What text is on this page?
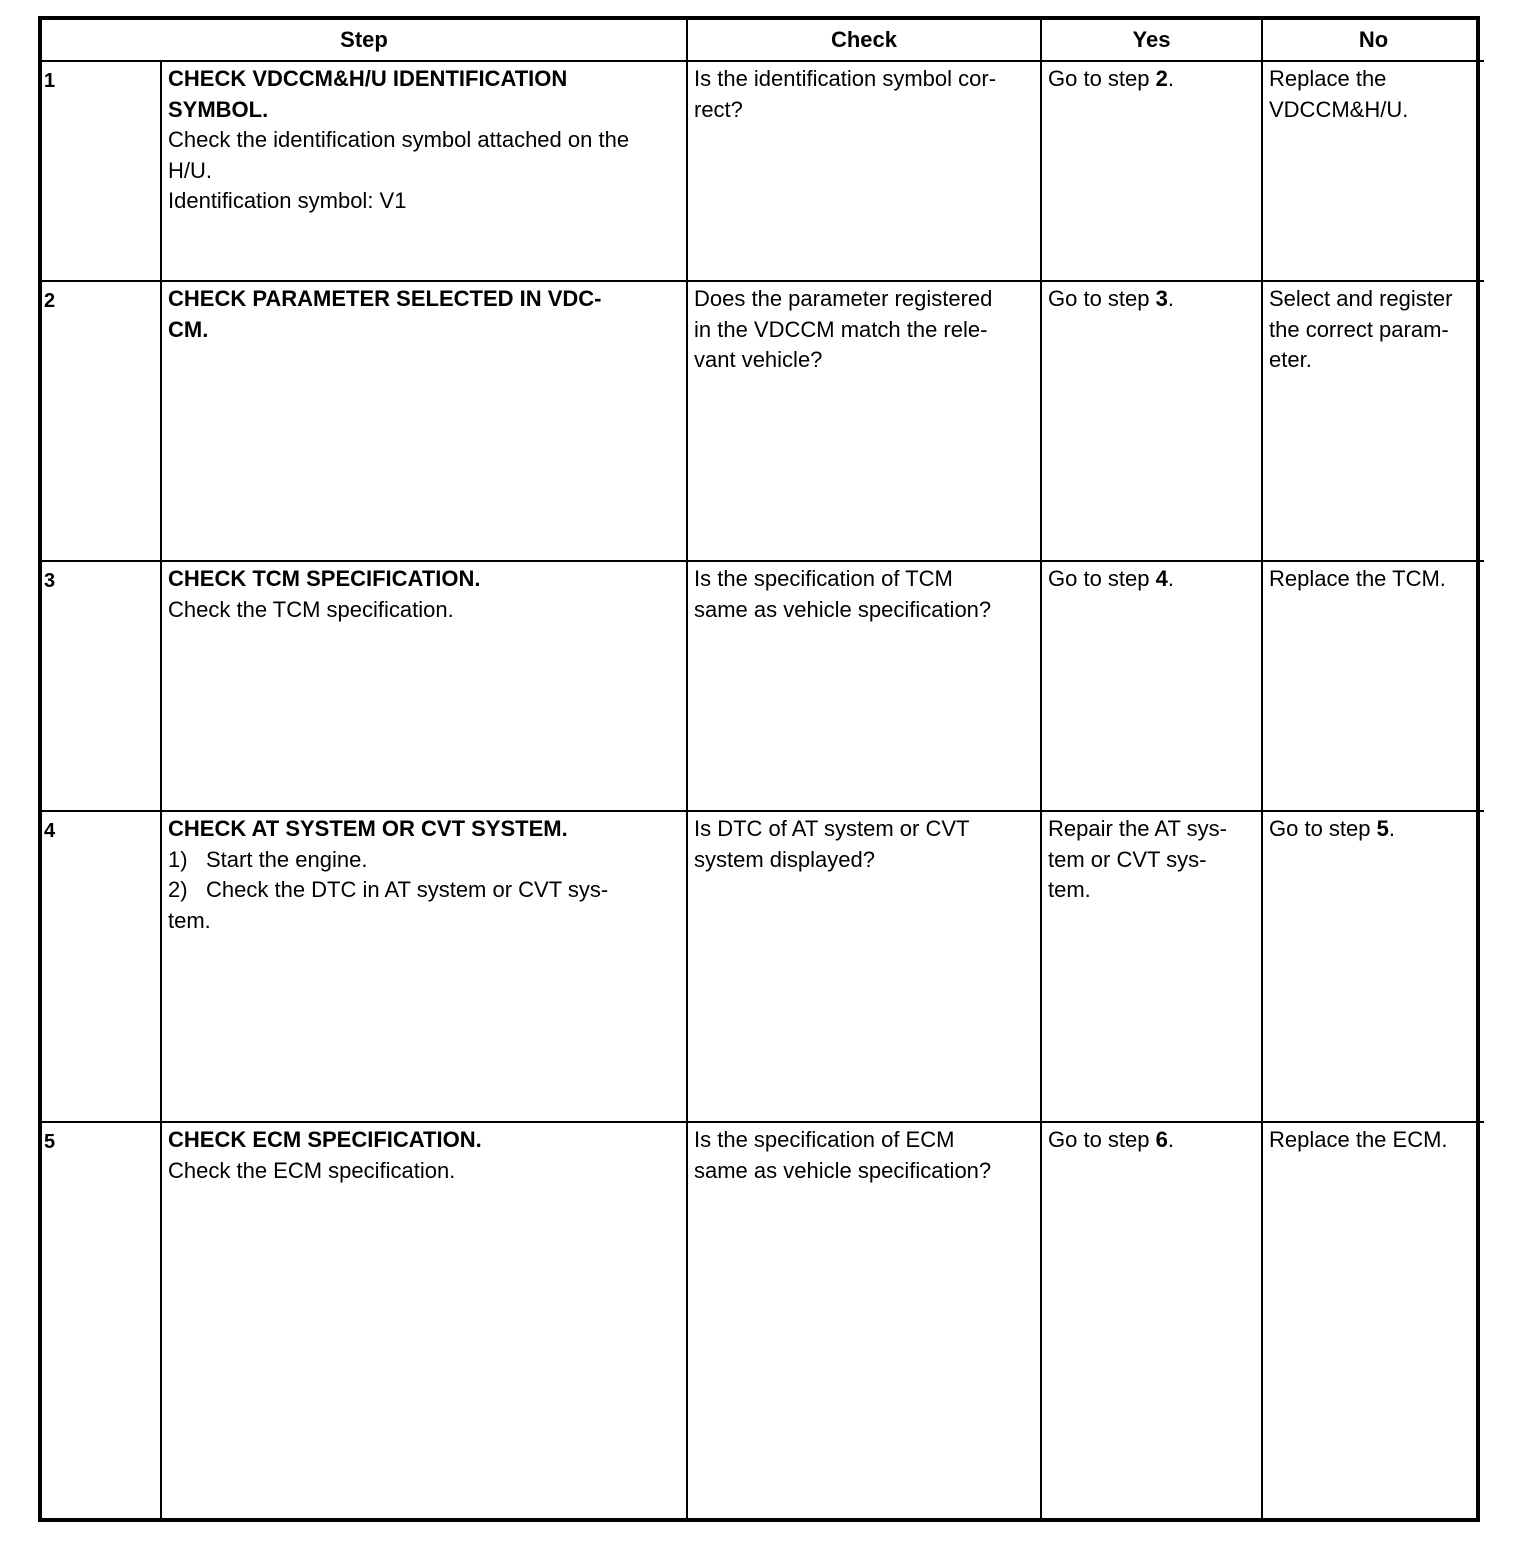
Step		Check	Yes	No
1	CHECK VDCCM&H/U IDENTIFICATION
SYMBOL.
Check the identification symbol attached on the
H/U.
Identification symbol: V1	Is the identification symbol cor-
rect?	Go to step 2.	Replace the
VDCCM&H/U.

2	CHECK PARAMETER SELECTED IN VDC-
CM.	Does the parameter registered
in the VDCCM match the rele-
vant vehicle?	Go to step 3.	Select and register
the correct param-
eter.

3	CHECK TCM SPECIFICATION.
Check the TCM specification.	Is the specification of TCM
same as vehicle specification?	Go to step 4.	Replace the TCM.

4	CHECK AT SYSTEM OR CVT SYSTEM.
1) Start the engine.
2) Check the DTC in AT system or CVT sys-
tem.	Is DTC of AT system or CVT
system displayed?	Repair the AT sys-
tem or CVT sys-
tem.	Go to step 5.
5	CHECK ECM SPECIFICATION.
Check the ECM specification.	Is the specification of ECM
same as vehicle specification?	Go to step 6.	Replace the ECM.
